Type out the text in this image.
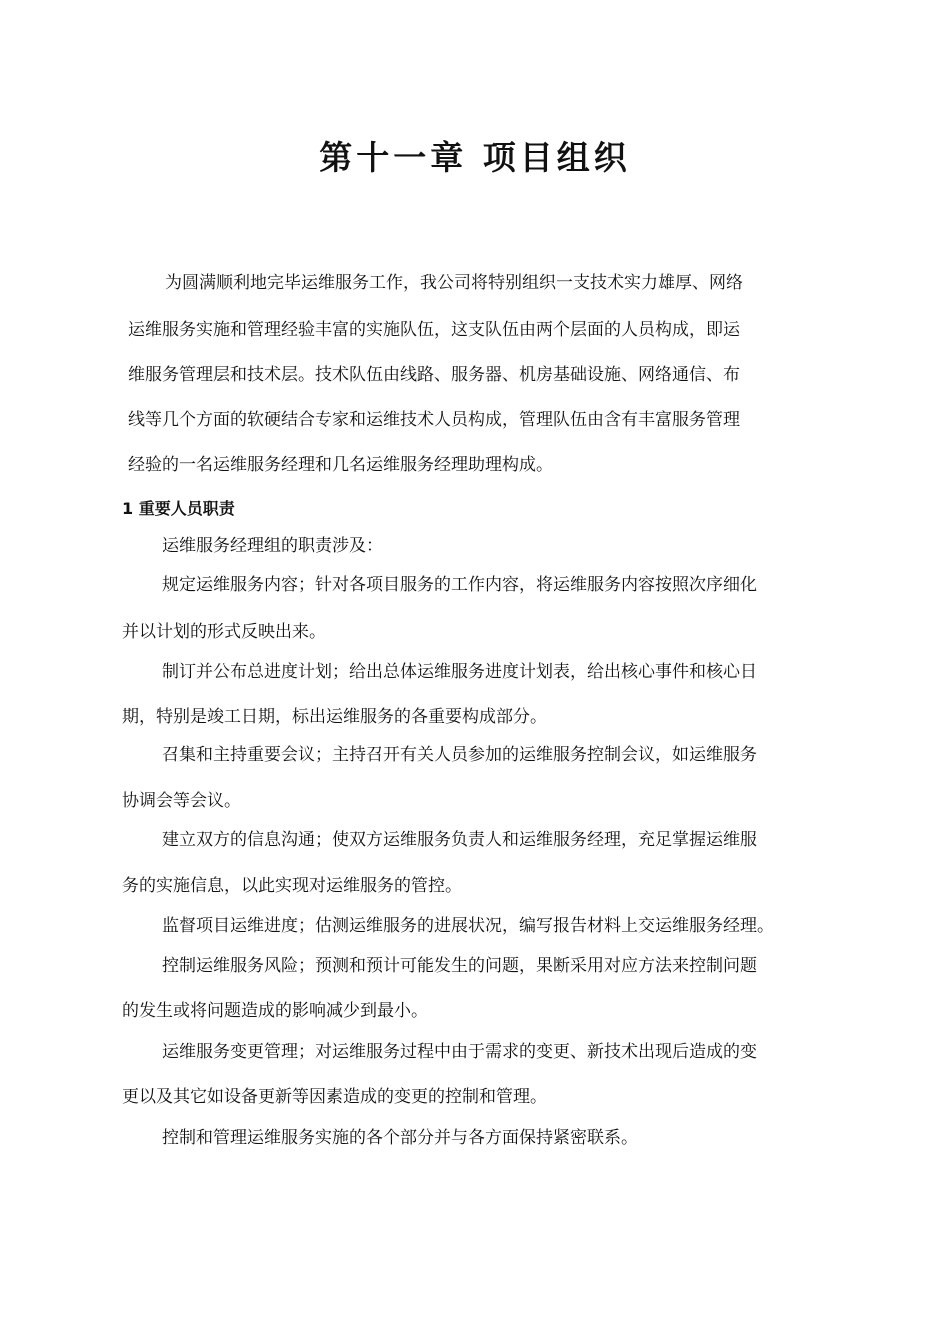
第十一章 项目组织
为圆满顺利地完毕运维服务工作，我公司将特别组织一支技术实力雄厚、网络
运维服务实施和管理经验丰富的实施队伍，这支队伍由两个层面的人员构成，即运
维服务管理层和技术层。技术队伍由线路、服务器、机房基础设施、网络通信、布
线等几个方面的软硬结合专家和运维技术人员构成，管理队伍由含有丰富服务管理
经验的一名运维服务经理和几名运维服务经理助理构成。
1 重要人员职责
运维服务经理组的职责涉及：
规定运维服务内容；针对各项目服务的工作内容，将运维服务内容按照次序细化
并以计划的形式反映出来。
制订并公布总进度计划；给出总体运维服务进度计划表，给出核心事件和核心日
期，特别是竣工日期，标出运维服务的各重要构成部分。
召集和主持重要会议；主持召开有关人员参加的运维服务控制会议，如运维服务
协调会等会议。
建立双方的信息沟通；使双方运维服务负责人和运维服务经理，充足掌握运维服
务的实施信息，以此实现对运维服务的管控。
监督项目运维进度；估测运维服务的进展状况，编写报告材料上交运维服务经理。
控制运维服务风险；预测和预计可能发生的问题，果断采用对应方法来控制问题
的发生或将问题造成的影响减少到最小。
运维服务变更管理；对运维服务过程中由于需求的变更、新技术出现后造成的变
更以及其它如设备更新等因素造成的变更的控制和管理。
控制和管理运维服务实施的各个部分并与各方面保持紧密联系。
